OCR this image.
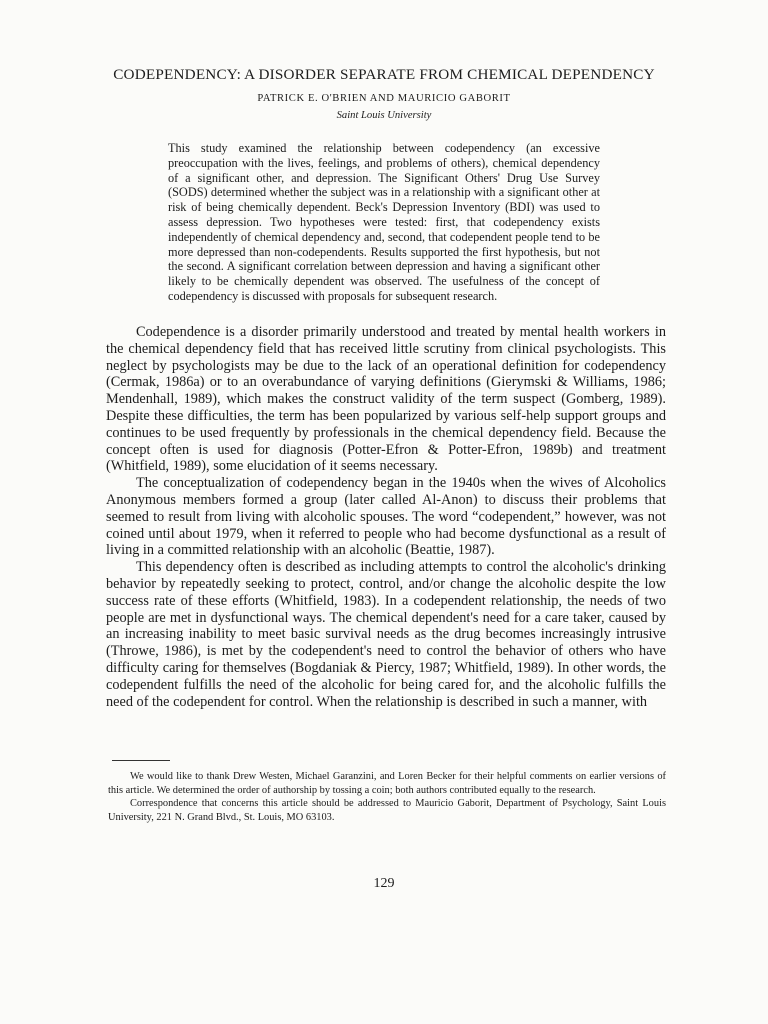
CODEPENDENCY: A DISORDER SEPARATE FROM CHEMICAL DEPENDENCY
PATRICK E. O'BRIEN AND MAURICIO GABORIT
Saint Louis University

This study examined the relationship between codependency (an excessive preoccupation with the lives, feelings, and problems of others), chemical dependency of a significant other, and depression. The Significant Others' Drug Use Survey (SODS) determined whether the subject was in a relationship with a significant other at risk of being chemically dependent. Beck's Depression Inventory (BDI) was used to assess depression. Two hypotheses were tested: first, that codependency exists independently of chemical dependency and, second, that codependent people tend to be more depressed than non-codependents. Results supported the first hypothesis, but not the second. A significant correlation between depression and having a significant other likely to be chemically dependent was observed. The usefulness of the concept of codependency is discussed with proposals for subsequent research.

Codependence is a disorder primarily understood and treated by mental health workers in the chemical dependency field that has received little scrutiny from clinical psychologists. This neglect by psychologists may be due to the lack of an operational definition for codependency (Cermak, 1986a) or to an overabundance of varying definitions (Gierymski & Williams, 1986; Mendenhall, 1989), which makes the construct validity of the term suspect (Gomberg, 1989). Despite these difficulties, the term has been popularized by various self-help support groups and continues to be used frequently by professionals in the chemical dependency field. Because the concept often is used for diagnosis (Potter-Efron & Potter-Efron, 1989b) and treatment (Whitfield, 1989), some elucidation of it seems necessary.

The conceptualization of codependency began in the 1940s when the wives of Alcoholics Anonymous members formed a group (later called Al-Anon) to discuss their problems that seemed to result from living with alcoholic spouses. The word “codependent,” however, was not coined until about 1979, when it referred to people who had become dysfunctional as a result of living in a committed relationship with an alcoholic (Beattie, 1987).

This dependency often is described as including attempts to control the alcoholic's drinking behavior by repeatedly seeking to protect, control, and/or change the alcoholic despite the low success rate of these efforts (Whitfield, 1983). In a codependent relationship, the needs of two people are met in dysfunctional ways. The chemical dependent's need for a care taker, caused by an increasing inability to meet basic survival needs as the drug becomes increasingly intrusive (Throwe, 1986), is met by the codependent's need to control the behavior of others who have difficulty caring for themselves (Bogdaniak & Piercy, 1987; Whitfield, 1989). In other words, the codependent fulfills the need of the alcoholic for being cared for, and the alcoholic fulfills the need of the codependent for control. When the relationship is described in such a manner, with

We would like to thank Drew Westen, Michael Garanzini, and Loren Becker for their helpful comments on earlier versions of this article. We determined the order of authorship by tossing a coin; both authors contributed equally to the research.

Correspondence that concerns this article should be addressed to Mauricio Gaborit, Department of Psychology, Saint Louis University, 221 N. Grand Blvd., St. Louis, MO 63103.

129
